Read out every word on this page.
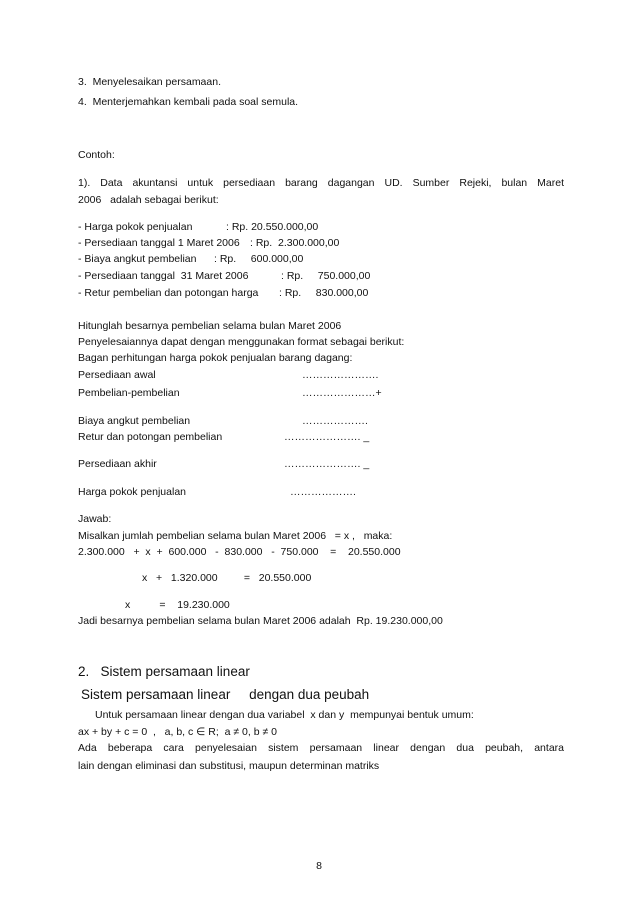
3.  Menyelesaikan persamaan.
4.  Menterjemahkan kembali pada soal semula.
Contoh:
1). Data akuntansi untuk persediaan barang dagangan UD. Sumber Rejeki, bulan Maret
2006   adalah sebagai berikut:
- Harga pokok penjualan	: Rp. 20.550.000,00
- Persediaan tanggal 1 Maret 2006 : Rp.  2.300.000,00
- Biaya angkut pembelian : Rp.     600.000,00
- Persediaan tanggal  31 Maret 2006	: Rp.     750.000,00
- Retur pembelian dan potongan harga : Rp.     830.000,00
Hitunglah besarnya pembelian selama bulan Maret 2006
Penyelesaiannya dapat dengan menggunakan format sebagai berikut:
Bagan perhitungan harga pokok penjualan barang dagang:
Persediaan awal	………………….
Pembelian-pembelian	…………………+
Biaya angkut pembelian	……………….
Retur dan potongan pembelian	…………………. _
Persediaan akhir	…………………. _
Harga pokok penjualan	……………….
Jawab:
Misalkan jumlah pembelian selama bulan Maret 2006   = x ,   maka:
2.300.000   +  x  +  600.000   -  830.000   -  750.000    =    20.550.000
x   +   1.320.000         =   20.550.000
x          =    19.230.000
Jadi besarnya pembelian selama bulan Maret 2006 adalah  Rp. 19.230.000,00
2.   Sistem persamaan linear
Sistem persamaan linear     dengan dua peubah
Untuk persamaan linear dengan dua variabel  x dan y  mempunyai bentuk umum:
ax + by + c = 0  ,   a, b, c ∈ R;  a ≠ 0, b ≠ 0
Ada beberapa cara penyelesaian sistem persamaan linear dengan dua peubah, antara
lain dengan eliminasi dan substitusi, maupun determinan matriks
8
